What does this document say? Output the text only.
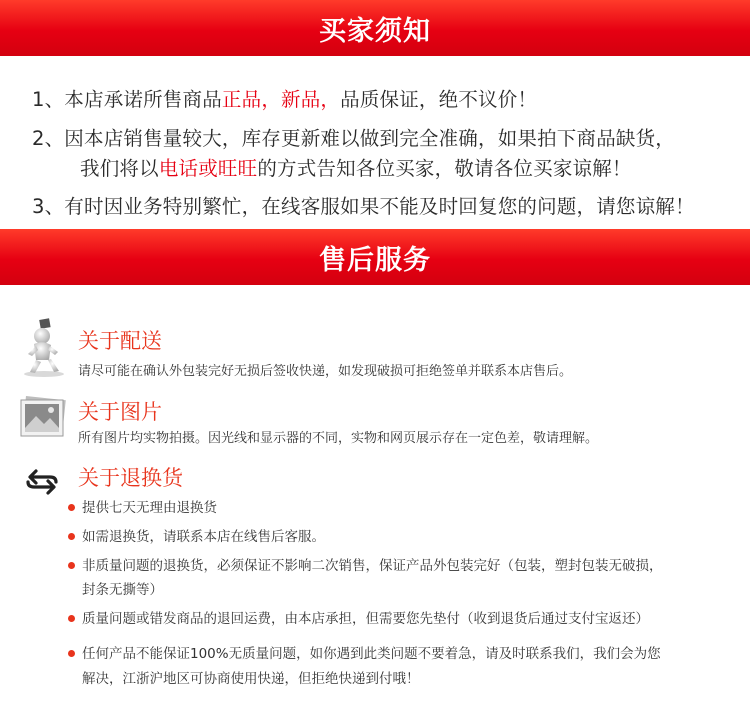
买家须知
1、本店承诺所售商品正品，新品，品质保证，绝不议价！
2、因本店销售量较大，库存更新难以做到完全准确，如果拍下商品缺货，
我们将以电话或旺旺的方式告知各位买家，敬请各位买家谅解！
3、有时因业务特别繁忙，在线客服如果不能及时回复您的问题，请您谅解！
售后服务
关于配送
请尽可能在确认外包装完好无损后签收快递，如发现破损可拒绝签单并联系本店售后。
关于图片
所有图片均实物拍摄。因光线和显示器的不同，实物和网页展示存在一定色差，敬请理解。
关于退换货
提供七天无理由退换货
如需退换货，请联系本店在线售后客服。
非质量问题的退换货，必须保证不影响二次销售，保证产品外包装完好（包装，塑封包装无破损，
封条无撕等）
质量问题或错发商品的退回运费，由本店承担，但需要您先垫付（收到退货后通过支付宝返还）
任何产品不能保证100%无质量问题，如你遇到此类问题不要着急，请及时联系我们，我们会为您
解决，江浙沪地区可协商使用快递，但拒绝快递到付哦！
